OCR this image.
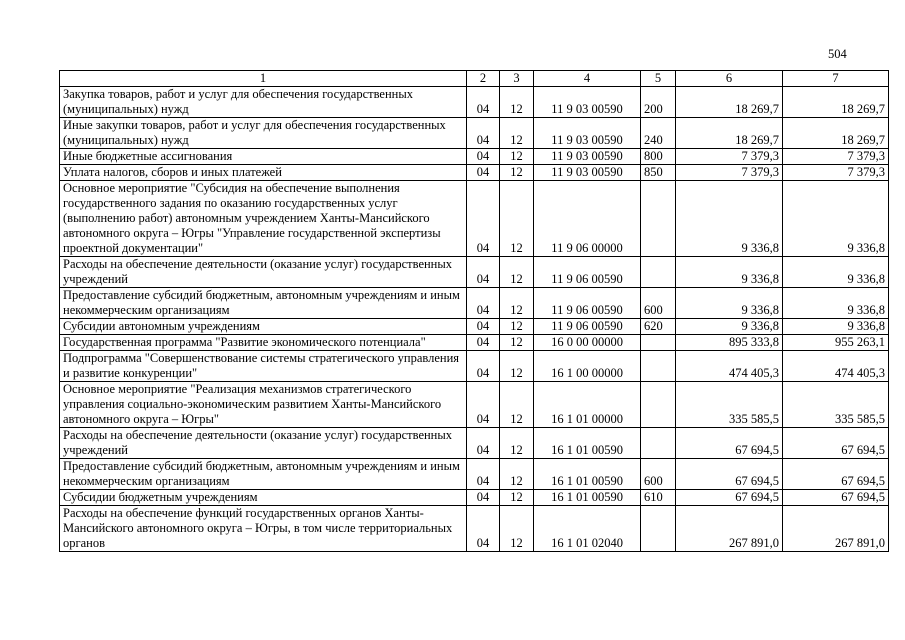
504
1	2	3	4	5	6	7
Закупка товаров, работ и услуг для обеспечения государственных (муниципальных) нужд	04	12	11 9 03 00590	200	18 269,7	18 269,7
Иные закупки товаров, работ и услуг для обеспечения государственных (муниципальных) нужд	04	12	11 9 03 00590	240	18 269,7	18 269,7
Иные бюджетные ассигнования	04	12	11 9 03 00590	800	7 379,3	7 379,3
Уплата налогов, сборов и иных платежей	04	12	11 9 03 00590	850	7 379,3	7 379,3
Основное мероприятие "Субсидия на обеспечение выполнения государственного задания по оказанию государственных услуг (выполнению работ) автономным учреждением Ханты-Мансийского автономного округа – Югры "Управление государственной экспертизы проектной документации"	04	12	11 9 06 00000		9 336,8	9 336,8
Расходы на обеспечение деятельности (оказание услуг) государственных учреждений	04	12	11 9 06 00590		9 336,8	9 336,8
Предоставление субсидий бюджетным, автономным учреждениям и иным некоммерческим организациям	04	12	11 9 06 00590	600	9 336,8	9 336,8
Субсидии автономным учреждениям	04	12	11 9 06 00590	620	9 336,8	9 336,8
Государственная программа "Развитие экономического потенциала"	04	12	16 0 00 00000		895 333,8	955 263,1
Подпрограмма "Совершенствование системы стратегического управления и развитие конкуренции"	04	12	16 1 00 00000		474 405,3	474 405,3
Основное мероприятие "Реализация механизмов стратегического управления социально-экономическим развитием Ханты-Мансийского автономного округа – Югры"	04	12	16 1 01 00000		335 585,5	335 585,5
Расходы на обеспечение деятельности (оказание услуг) государственных учреждений	04	12	16 1 01 00590		67 694,5	67 694,5
Предоставление субсидий бюджетным, автономным учреждениям и иным некоммерческим организациям	04	12	16 1 01 00590	600	67 694,5	67 694,5
Субсидии бюджетным учреждениям	04	12	16 1 01 00590	610	67 694,5	67 694,5
Расходы на обеспечение функций государственных органов Ханты-Мансийского автономного округа – Югры, в том числе территориальных органов	04	12	16 1 01 02040		267 891,0	267 891,0
